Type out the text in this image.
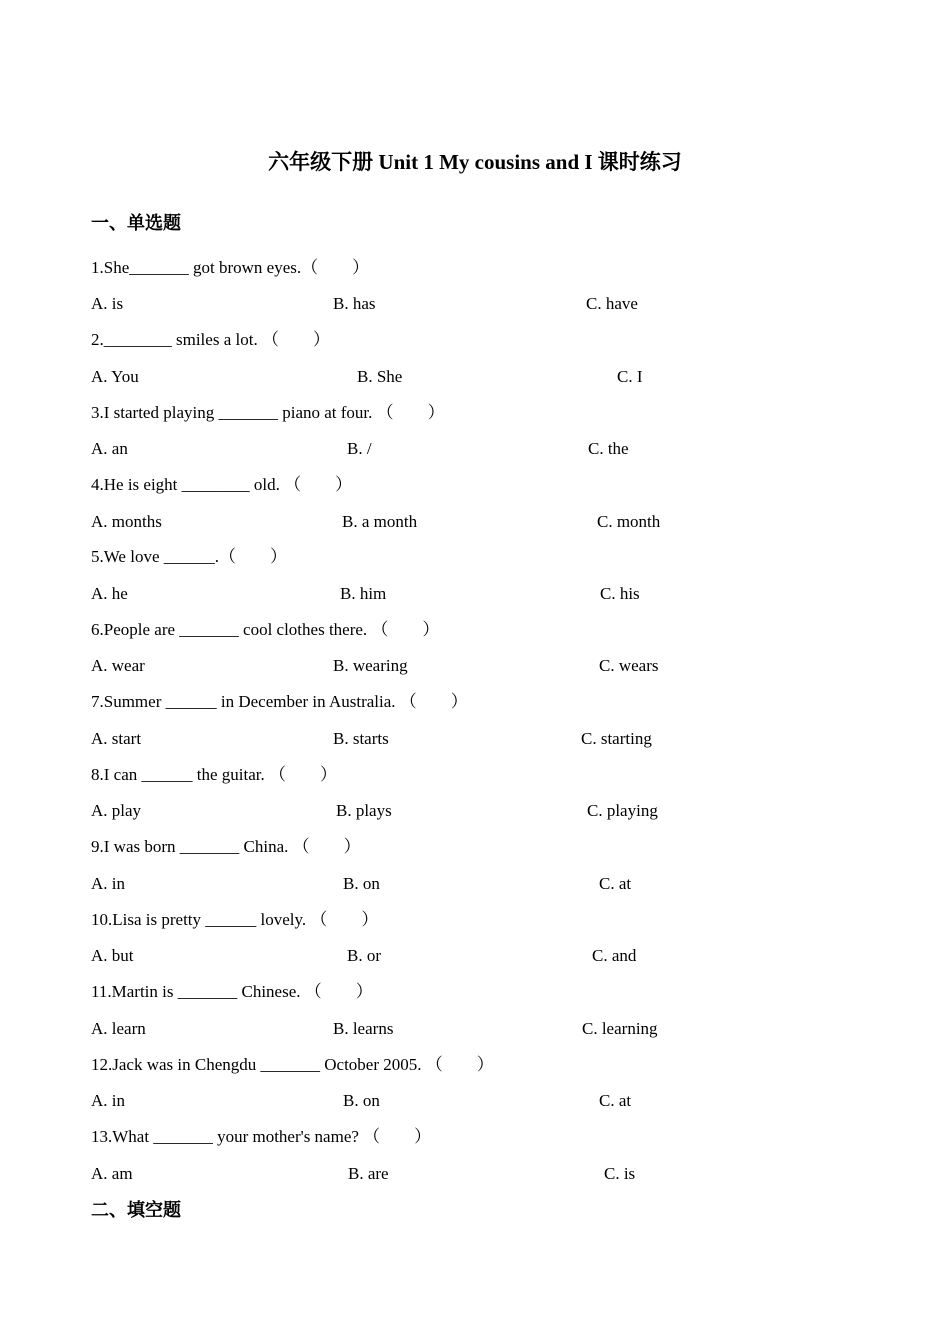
六年级下册 Unit 1 My cousins and I 课时练习
一、单选题

1.She_______ got brown eyes.（　　）

A. is	B. has	C. have

2.________ smiles a lot. （　　）

A. You	B. She	C. I

3.I started playing _______ piano at four. （　　）

A. an	B. /	C. the

4.He is eight ________ old. （　　）

A. months	B. a month	C. month

5.We love ______.（　　）

A. he	B. him	C. his

6.People are _______ cool clothes there. （　　）

A. wear	B. wearing	C. wears

7.Summer ______ in December in Australia. （　　）

A. start	B. starts	C. starting

8.I can ______ the guitar. （　　）

A. play	B. plays	C. playing

9.I was born _______ China. （　　）

A. in	B. on	C. at

10.Lisa is pretty ______ lovely. （　　）

A. but	B. or	C. and

11.Martin is _______ Chinese. （　　）

A. learn	B. learns	C. learning

12.Jack was in Chengdu _______ October 2005. （　　）

A. in	B. on	C. at

13.What _______ your mother's name? （　　）

A. am	B. are	C. is

二、填空题
